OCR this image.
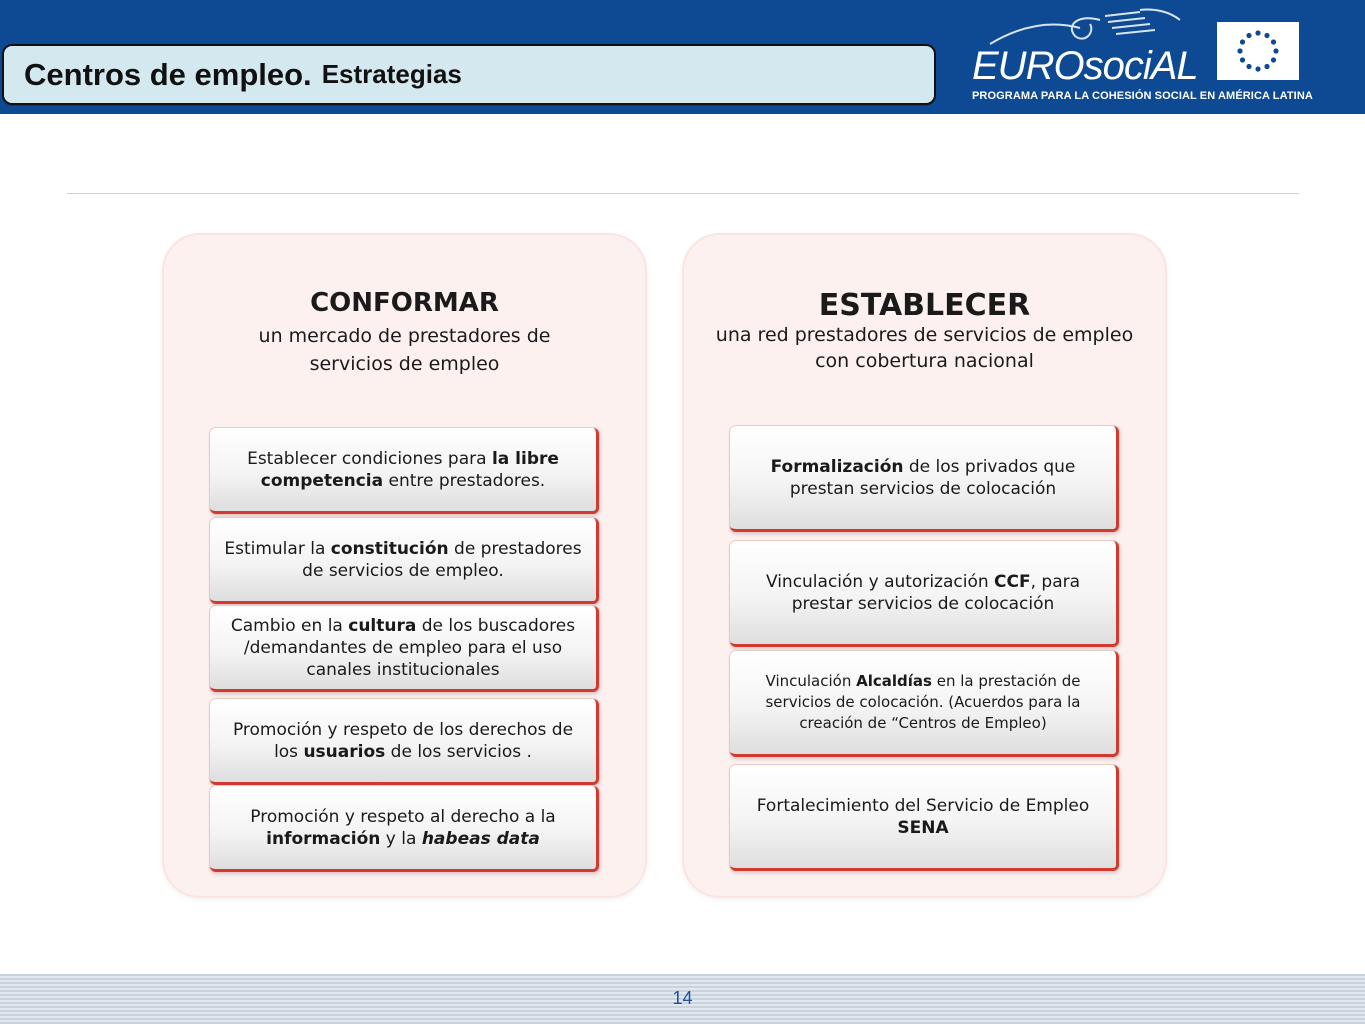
Centros de empleo. Estrategias	EUROsociAL
PROGRAMA PARA LA COHESIÓN SOCIAL EN AMÉRICA LATINA
CONFORMAR
un mercado de prestadores de
servicios de empleo
Establecer condiciones para la libre competencia entre prestadores.
Estimular la constitución de prestadores de servicios de empleo.
Cambio en la cultura de los buscadores /demandantes de empleo para el uso canales institucionales
Promoción y respeto de los derechos de los usuarios de los servicios .
Promoción y respeto al derecho a la información y la habeas data
ESTABLECER
una red prestadores de servicios de empleo
con cobertura nacional
Formalización de los privados que prestan servicios de colocación
Vinculación y autorización CCF, para prestar servicios de colocación
Vinculación Alcaldías en la prestación de servicios de colocación. (Acuerdos para la creación de “Centros de Empleo)
Fortalecimiento del Servicio de Empleo SENA
14
